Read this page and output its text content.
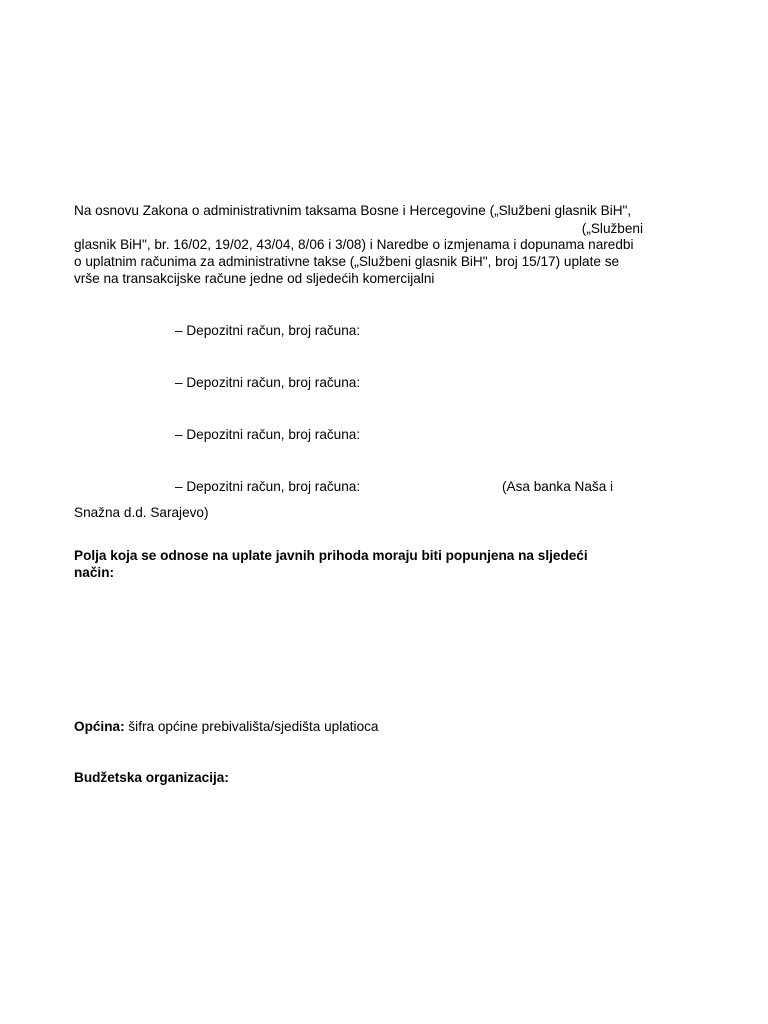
Na osnovu Zakona o administrativnim taksama Bosne i Hercegovine („Službeni glasnik BiH",

(„Službeni

glasnik BiH", br. 16/02, 19/02, 43/04, 8/06 i 3/08) i Naredbe o izmjenama i dopunama naredbi

o uplatnim računima za administrativne takse („Službeni glasnik BiH", broj 15/17) uplate se

vrše na transakcijske račune jedne od sljedećih komercijalni

– Depozitni račun, broj računa:

– Depozitni račun, broj računa:

– Depozitni račun, broj računa:

– Depozitni račun, broj računa:	(Asa banka Naša i

Snažna d.d. Sarajevo)

Polja koja se odnose na uplate javnih prihoda moraju biti popunjena na sljedeći

način:

Općina: šifra općine prebivališta/sjedišta uplatioca

Budžetska organizacija:
